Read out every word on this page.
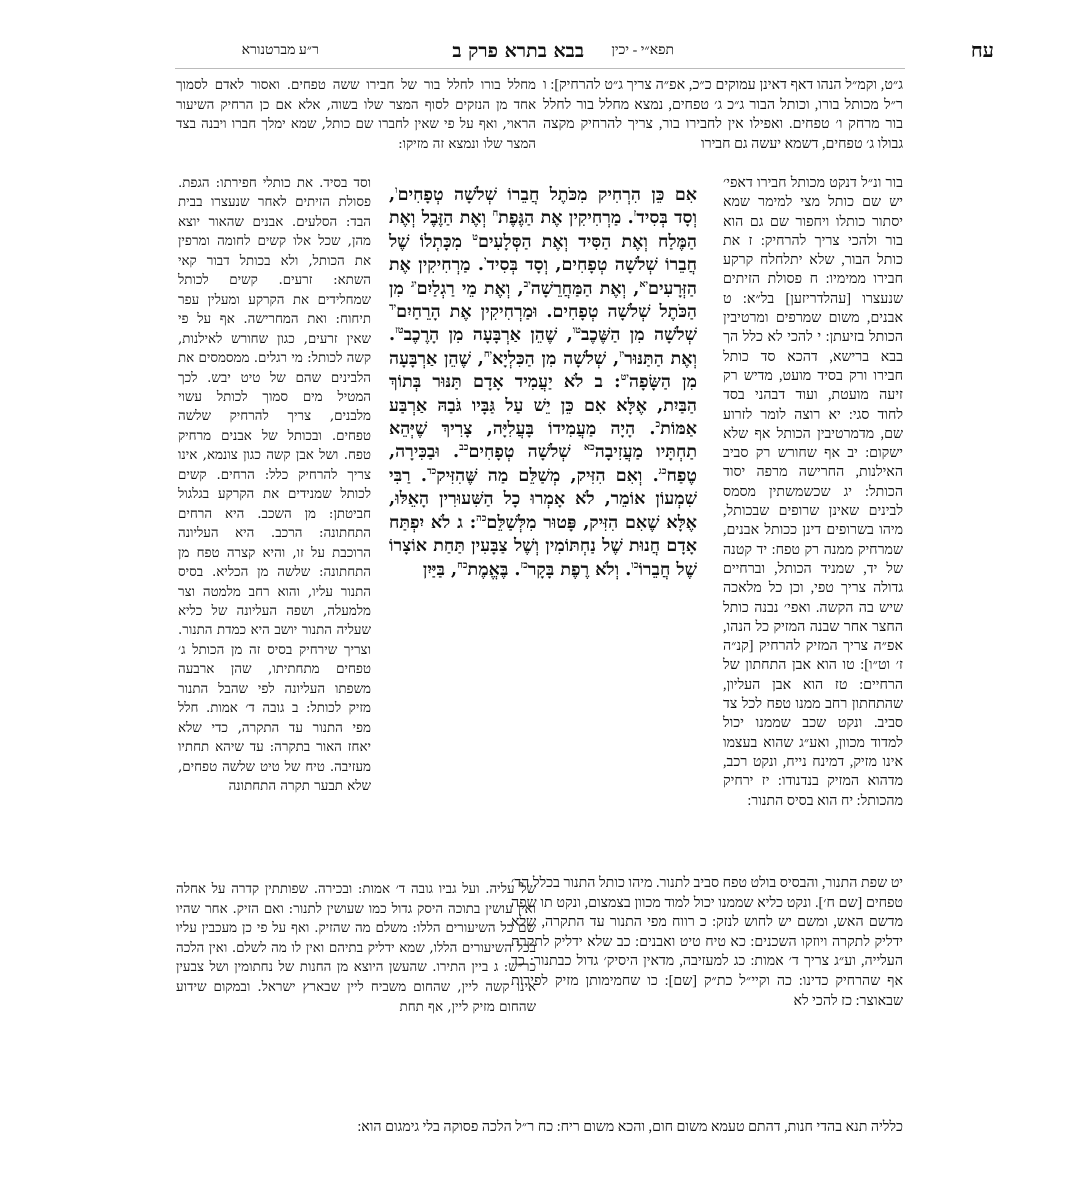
עח
תפא״י - יכין
בבא בתרא פרק ב
ר״ע מברטנורא
ג״ט, וקמ״ל הנהו דאף דאינן עמוקים כ״כ, אפ״ה צריך ג״ט להרחיק]: ו ר״ל מכותל בורו, וכותל הבור ג״כ ג׳ טפחים, נמצא מחלל בור לחלל בור מרחק ו׳ טפחים. ואפילו אין לחבירו בור, צריך להרחיק מקצה גבולו ג׳ טפחים, דשמא יעשה גם חבירו
בור ונ״ל דנקט מכותל חבירו דאפי׳ יש שם כותל מצי למימר שמא יסתור כותלו ויחפור שם גם הוא בור ולהכי צריך להרחיק: ז את כותל הבור, שלא יתלחלח קרקע חבירו ממימיו: ח פסולת הזיתים שנעצרו [עהלדריזען] בל״א: ט אבנים, משום שמרפים ומרטיבין הכותל בזיעתן: י להכי לא כלל הך בבא ברישא, דהכא סד כותל חבירו ורק בסיד מועט, מדיש רק זיעה מועטת, ועוד דבהני בסד לחוד סגי: יא רוצה לומר לזרוע שם, מדמרטיבין הכותל אף שלא ישקום: יב אף שחורש רק סביב האילנות, החרישה מרפה יסוד הכותל: יג שכשמשתין מסמס לבינים שאינן שרופים שבכותל, מיהו בשרופים דינן ככותל אבנים, שמרחיק ממנה רק טפח: יד קטנה של יד, שמניד הכותל, וברחיים גדולה צריך טפי, וכן כל מלאכה שיש בה הקשה. ואפי׳ נבנה כותל החצר אחר שבנה המזיק כל הנהו, אפ״ה צריך המזיק להרחיק [קנ״ה ז׳ וט״ו]: טו הוא אבן התחתון של הרחיים: טז הוא אבן העליון, שהתחתון רחב ממנו טפח לכל צד סביב. ונקט שכב שממנו יכול למדוד מכוון, ואע״ג שהוא בעצמו אינו מזיק, דמינח נייח, ונקט רכב, מדהוא המזיק בנדנודו: יז ירחיק מהכותל: יח הוא בסיס התנור:
יט שפת התנור, והבסיס בולט טפח סביב לתנור. מיהו כותל התנור בכלל הד׳ טפחים [שם ח׳]. ונקט כליא שממנו יכול למוד מכוון בצמצום, ונקט תו שפה מדשם האש, ומשם יש לחוש לנזק: כ רווח מפי התנור עד התקרה, שלא ידליק לתקרה ויוזקו השכנים: כא טיח טיט ואבנים: כב שלא ידליק לתקרת העלייה, וע״ג צריך ד׳ אמות: כג למעזיבה, מדאין היסיק׳ גדול כבתנור: כד אף שהרחיק כדינו: כה וקיי״ל כת״ק [שם]: כו שחמימותן מזיק לפירות שבאוצר: כז להכי לא
כלליה תנא בהדי חנות, דהתם טעמא משום חום, והכא משום ריח: כח ר״ל הלכה פסוקה בלי גימגום הוא:
אִם כֵּן הִרְחִיק מִכֹּתֶל חֲבֵרוֹ שְׁלֹשָׁה טְפָחִים$^ו$, וְסָד בְּסִיד$^ז$. מַרְחִיקִין אֶת הַגֶּפֶת$^ח$ וְאֶת הַזֶּבֶל וְאֶת הַמֶּלַח וְאֶת הַסִּיד וְאֶת הַסְּלָעִים$^ט$ מִכָּתְלוֹ שֶׁל חֲבֵרוֹ שְׁלֹשָׁה טְפָחִים, וְסָד בְּסִיד$^י$. מַרְחִיקִין אֶת הַזְּרָעִים$^{יא}$, וְאֶת הַמַּחֲרֵשָׁה$^{יב}$, וְאֶת מֵי רַגְלַיִם$^{יג}$ מִן הַכֹּתֶל שְׁלֹשָׁה טְפָחִים. וּמַרְחִיקִין אֶת הָרֵחַיִם$^{יד}$ שְׁלֹשָׁה מִן הַשֶּׁכֶב$^{טו}$, שֶׁהֵן אַרְבָּעָה מִן הָרֶכֶב$^{טז}$. וְאֶת הַתַּנּוּר$^{יז}$, שְׁלֹשָׁה מִן הַכִּלְיָא$^{יח}$, שֶׁהֵן אַרְבָּעָה מִן הַשָּׂפָה$^{יט}$: ב לֹא יַעֲמִיד אָדָם תַּנּוּר בְּתוֹךְ הַבַּיִת, אֶלָּא אִם כֵּן יֵשׁ עַל גַּבָּיו גֹּבַהּ אַרְבַּע אַמּוֹת$^כ$. הָיָה מַעֲמִידוֹ בָּעֲלִיָּה, צָרִיךְ שֶׁיְּהֵא תַחְתָּיו מַעֲזִיבָה$^{כא}$ שְׁלֹשָׁה טְפָחִים$^{כב}$. וּבַכִּירָה, טֶפַח$^{כג}$. וְאִם הִזִּיק, מְשַׁלֵּם מַה שֶּׁהִזִּיק$^{כד}$. רַבִּי שִׁמְעוֹן אוֹמֵר, לֹא אָמְרוּ כָל הַשִּׁעוּרִין הָאֵלּוּ, אֶלָּא שֶׁאִם הִזִּיק, פָּטוּר מִלְּשַׁלֵּם$^{כה}$: ג לֹא יִפְתַּח אָדָם חֲנוּת שֶׁל נַחְתּוֹמִין וְשֶׁל צַבָּעִין תַּחַת אוֹצָרוֹ שֶׁל חֲבֵרוֹ$^{כו}$. וְלֹא רֶפֶת בָּקָר$^{כז}$. בֶּאֱמֶת$^{כח}$, בַּיַּיִן
מחלל בורו לחלל בור של חבירו ששה טפחים. ואסור לאדם לסמוך אחד מן הנזקים לסוף המצר שלו בשוה, אלא אם כן הרחיק השיעור הראוי, ואף על פי שאין לחברו שם כותל, שמא ימלך חברו ויבנה בצד המצר שלו ונמצא זה מזיקו:
וסד בסיד. את כותלי חפירתו: הגפת. פסולת הזיתים לאחר שנעצרו בבית הבד: הסלעים. אבנים שהאור יוצא מהן, שכל אלו קשים לחומה ומרפין את הכותל, ולא בכותל דבור קאי השתא: זרעים. קשים לכותל שמחלידים את הקרקע ומעלין עפר תיחוח: ואת המחרישה. אף על פי שאין זרעים, כגון שחורש לאילנות, קשה לכותל: מי רגלים. ממסמסים את הלבינים שהם של טיט יבש. לכך המטיל מים סמוך לכותל עשוי מלבנים, צריך להרחיק שלשה טפחים. ובכותל של אבנים מרחיק טפח. ושל אבן קשה כגון צונמא, אינו צריך להרחיק כלל: הרחים. קשים לכותל שמנידים את הקרקע בגלגול חביטתן: מן השכב. היא הרחים התחתונה: הרכב. היא העליונה הרוכבת על זו, והיא קצרה טפח מן התחתונה: שלשה מן הכליא. בסיס התנור עליו, והוא רחב מלמטה וצר מלמעלה, ושפה העליונה של כליא שעליה התנור יושב היא כמדת התנור. וצריך שירחיק בסיס זה מן הכותל ג׳ טפחים מתחתיתו, שהן ארבעה משפתו העליונה לפי שהבל התנור מזיק לכותל: ב גובה ד׳ אמות. חלל מפי התנור עד התקרה, כדי שלא יאחז האור בתקרה: עד שיהא תחתיו מעזיבה. טיח של טיט שלשה טפחים, שלא תבער תקרה התחתונה
של עליה. ועל גביו גובה ד׳ אמות: ובכירה. שפותתין קדרה על אחלה ואין עושין בתוכה היסק גדול כמו שעושין לתנור: ואם הזיק. אחר שהיו שם כל השיעורים הללו: משלם מה שהזיק. ואף על פי כן מעכבין עליו בכל השיעורים הללו, שמא ידליק בתיהם ואין לו מה לשלם. ואין הלכה כר״ש: ג ביין התירו. שהעשן היוצא מן החנות של נחתומין ושל צבעין אינו קשה ליין, שהחום משביח ליין שבארץ ישראל. ובמקום שידוע שהחום מזיק ליין, אף תחת
